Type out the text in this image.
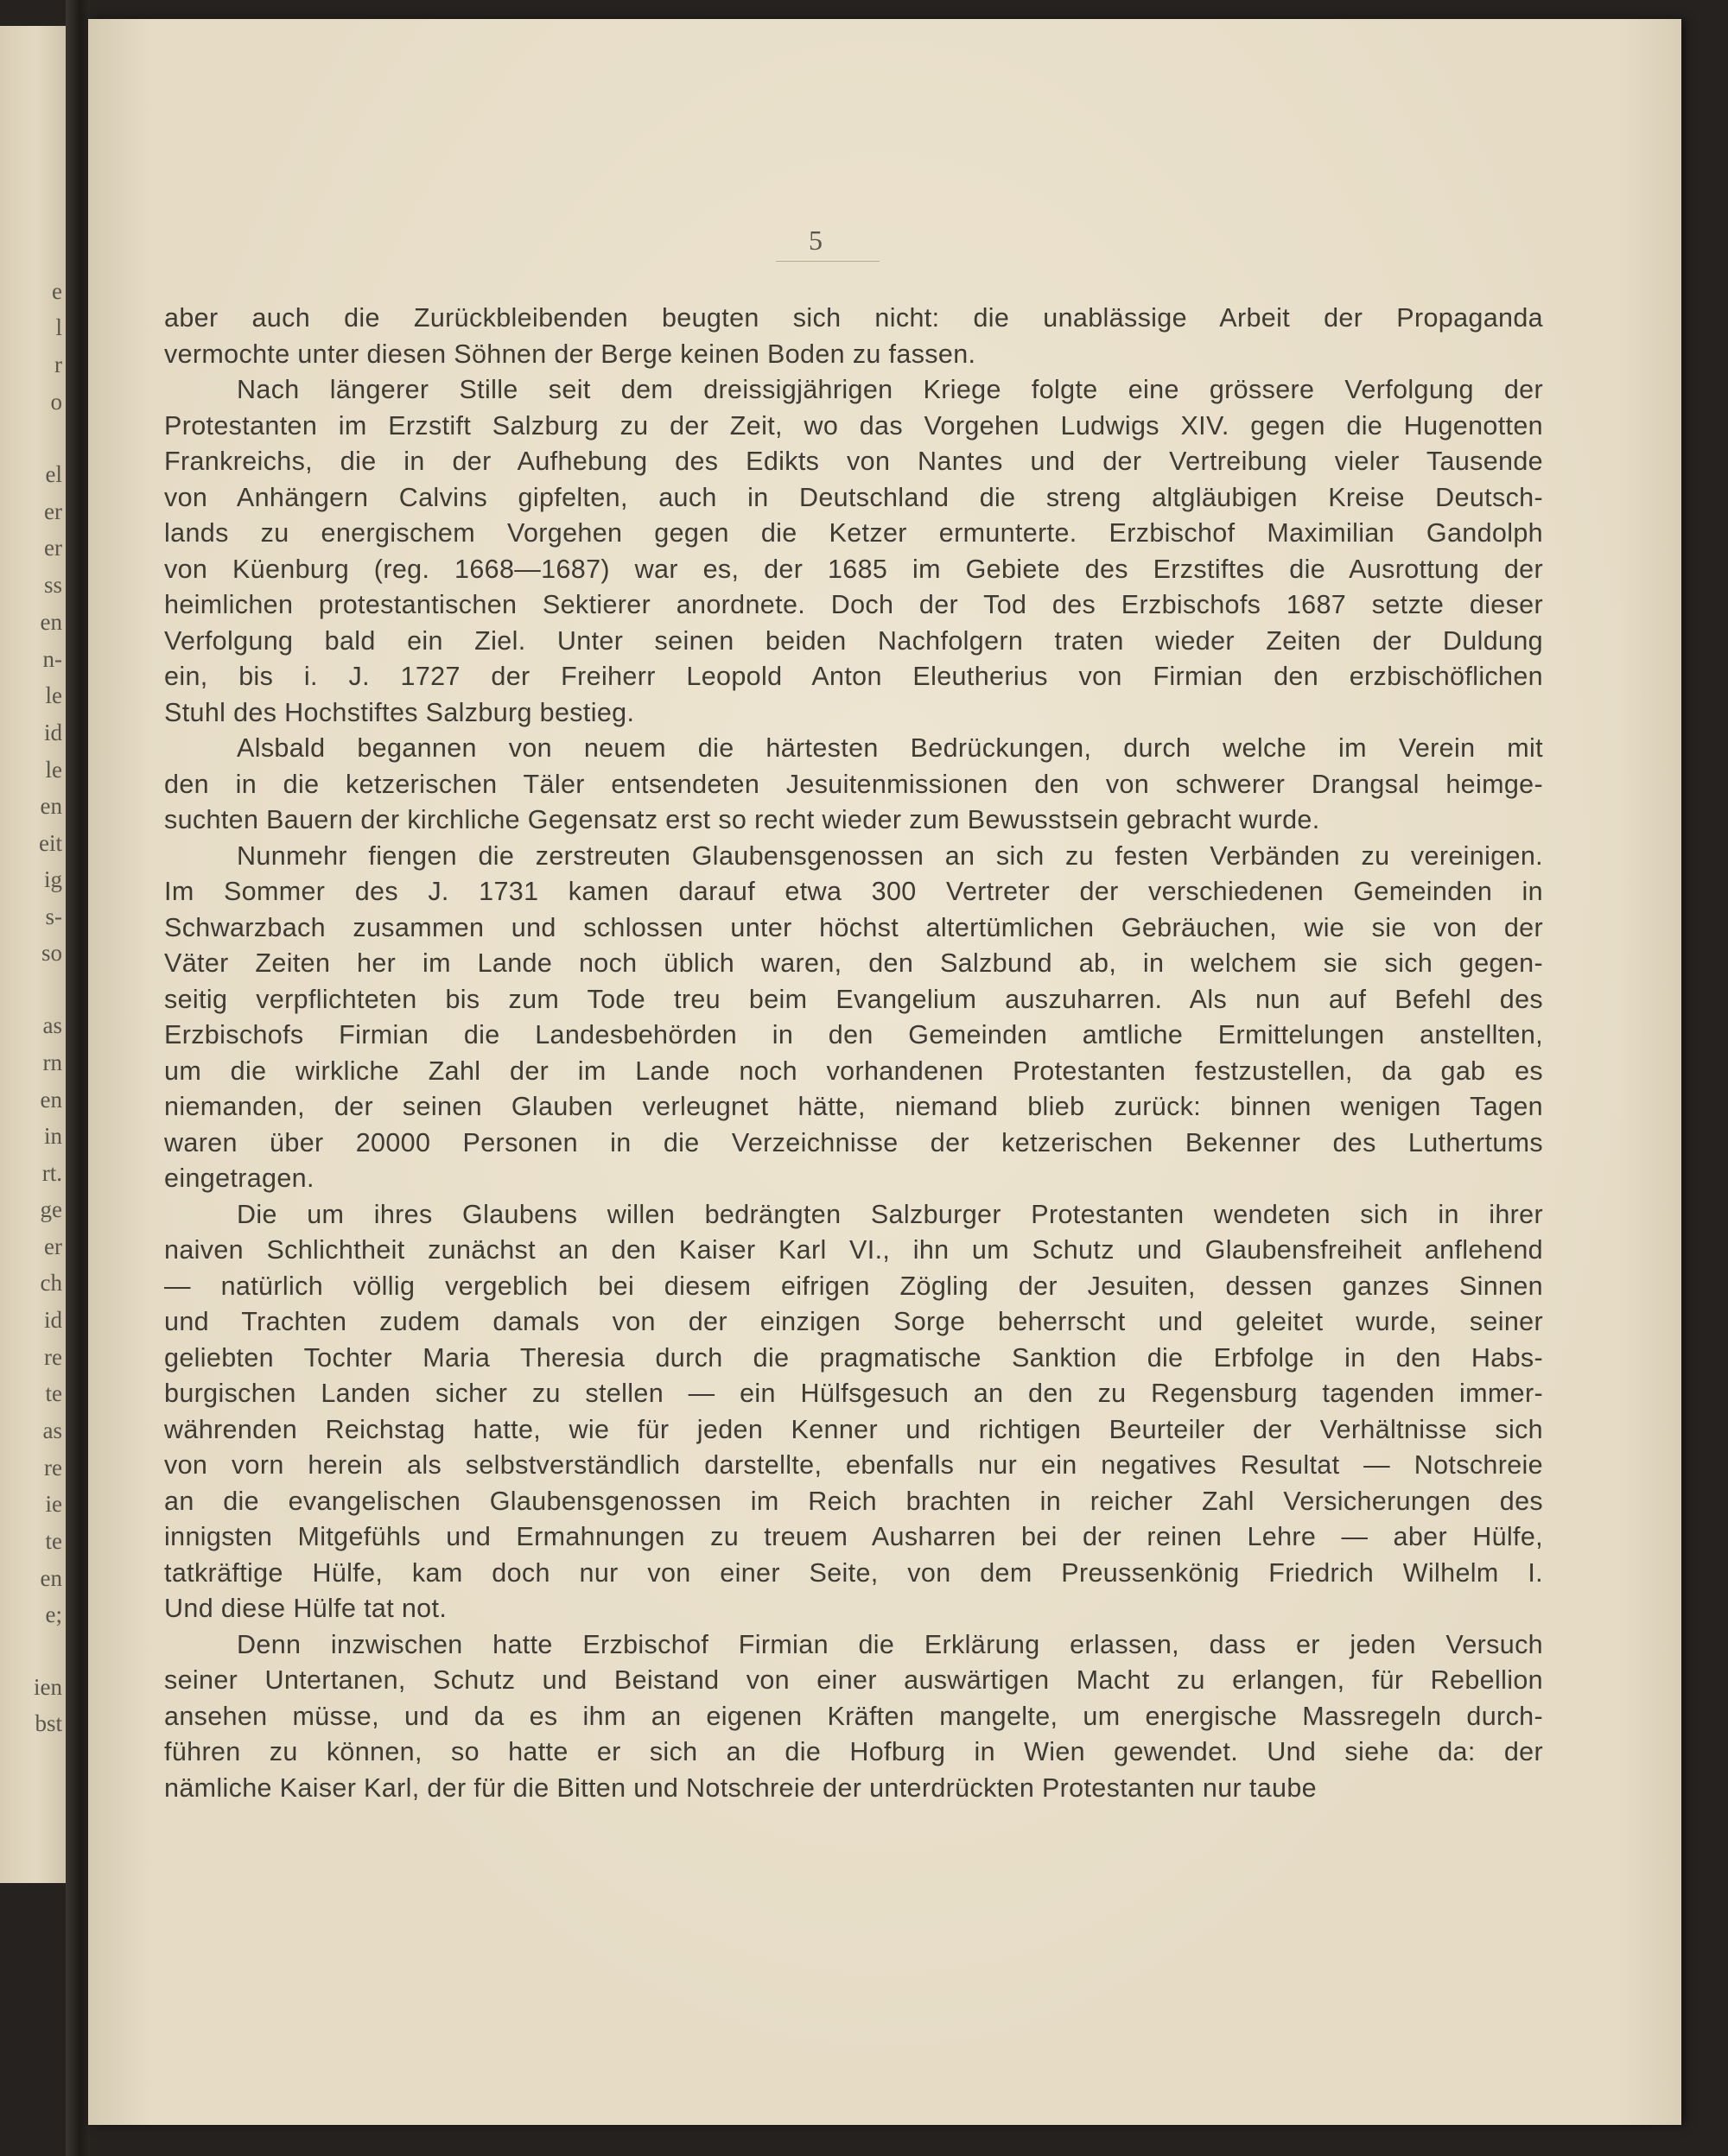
e
l
r
o
el
er
er
ss
en
n-
le
id
le
en
eit
ig
s-
so
as
rn
en
in
rt.
ge
er
ch
id
re
te
as
re
ie
te
en
e;
ien
bst
5
aber auch die Zurückbleibenden beugten sich nicht: die unablässige Arbeit der Propaganda
vermochte unter diesen Söhnen der Berge keinen Boden zu fassen.
Nach längerer Stille seit dem dreissigjährigen Kriege folgte eine grössere Verfolgung der
Protestanten im Erzstift Salzburg zu der Zeit, wo das Vorgehen Ludwigs XIV. gegen die Hugenotten
Frankreichs, die in der Aufhebung des Edikts von Nantes und der Vertreibung vieler Tausende
von Anhängern Calvins gipfelten, auch in Deutschland die streng altgläubigen Kreise Deutsch-
lands zu energischem Vorgehen gegen die Ketzer ermunterte. Erzbischof Maximilian Gandolph
von Küenburg (reg. 1668—1687) war es, der 1685 im Gebiete des Erzstiftes die Ausrottung der
heimlichen protestantischen Sektierer anordnete. Doch der Tod des Erzbischofs 1687 setzte dieser
Verfolgung bald ein Ziel. Unter seinen beiden Nachfolgern traten wieder Zeiten der Duldung
ein, bis i. J. 1727 der Freiherr Leopold Anton Eleutherius von Firmian den erzbischöflichen
Stuhl des Hochstiftes Salzburg bestieg.
Alsbald begannen von neuem die härtesten Bedrückungen, durch welche im Verein mit
den in die ketzerischen Täler entsendeten Jesuitenmissionen den von schwerer Drangsal heimge-
suchten Bauern der kirchliche Gegensatz erst so recht wieder zum Bewusstsein gebracht wurde.
Nunmehr fiengen die zerstreuten Glaubensgenossen an sich zu festen Verbänden zu vereinigen.
Im Sommer des J. 1731 kamen darauf etwa 300 Vertreter der verschiedenen Gemeinden in
Schwarzbach zusammen und schlossen unter höchst altertümlichen Gebräuchen, wie sie von der
Väter Zeiten her im Lande noch üblich waren, den Salzbund ab, in welchem sie sich gegen-
seitig verpflichteten bis zum Tode treu beim Evangelium auszuharren. Als nun auf Befehl des
Erzbischofs Firmian die Landesbehörden in den Gemeinden amtliche Ermittelungen anstellten,
um die wirkliche Zahl der im Lande noch vorhandenen Protestanten festzustellen, da gab es
niemanden, der seinen Glauben verleugnet hätte, niemand blieb zurück: binnen wenigen Tagen
waren über 20000 Personen in die Verzeichnisse der ketzerischen Bekenner des Luthertums
eingetragen.
Die um ihres Glaubens willen bedrängten Salzburger Protestanten wendeten sich in ihrer
naiven Schlichtheit zunächst an den Kaiser Karl VI., ihn um Schutz und Glaubensfreiheit anflehend
— natürlich völlig vergeblich bei diesem eifrigen Zögling der Jesuiten, dessen ganzes Sinnen
und Trachten zudem damals von der einzigen Sorge beherrscht und geleitet wurde, seiner
geliebten Tochter Maria Theresia durch die pragmatische Sanktion die Erbfolge in den Habs-
burgischen Landen sicher zu stellen — ein Hülfsgesuch an den zu Regensburg tagenden immer-
währenden Reichstag hatte, wie für jeden Kenner und richtigen Beurteiler der Verhältnisse sich
von vorn herein als selbstverständlich darstellte, ebenfalls nur ein negatives Resultat — Notschreie
an die evangelischen Glaubensgenossen im Reich brachten in reicher Zahl Versicherungen des
innigsten Mitgefühls und Ermahnungen zu treuem Ausharren bei der reinen Lehre — aber Hülfe,
tatkräftige Hülfe, kam doch nur von einer Seite, von dem Preussenkönig Friedrich Wilhelm I.
Und diese Hülfe tat not.
Denn inzwischen hatte Erzbischof Firmian die Erklärung erlassen, dass er jeden Versuch
seiner Untertanen, Schutz und Beistand von einer auswärtigen Macht zu erlangen, für Rebellion
ansehen müsse, und da es ihm an eigenen Kräften mangelte, um energische Massregeln durch-
führen zu können, so hatte er sich an die Hofburg in Wien gewendet. Und siehe da: der
nämliche Kaiser Karl, der für die Bitten und Notschreie der unterdrückten Protestanten nur taube
